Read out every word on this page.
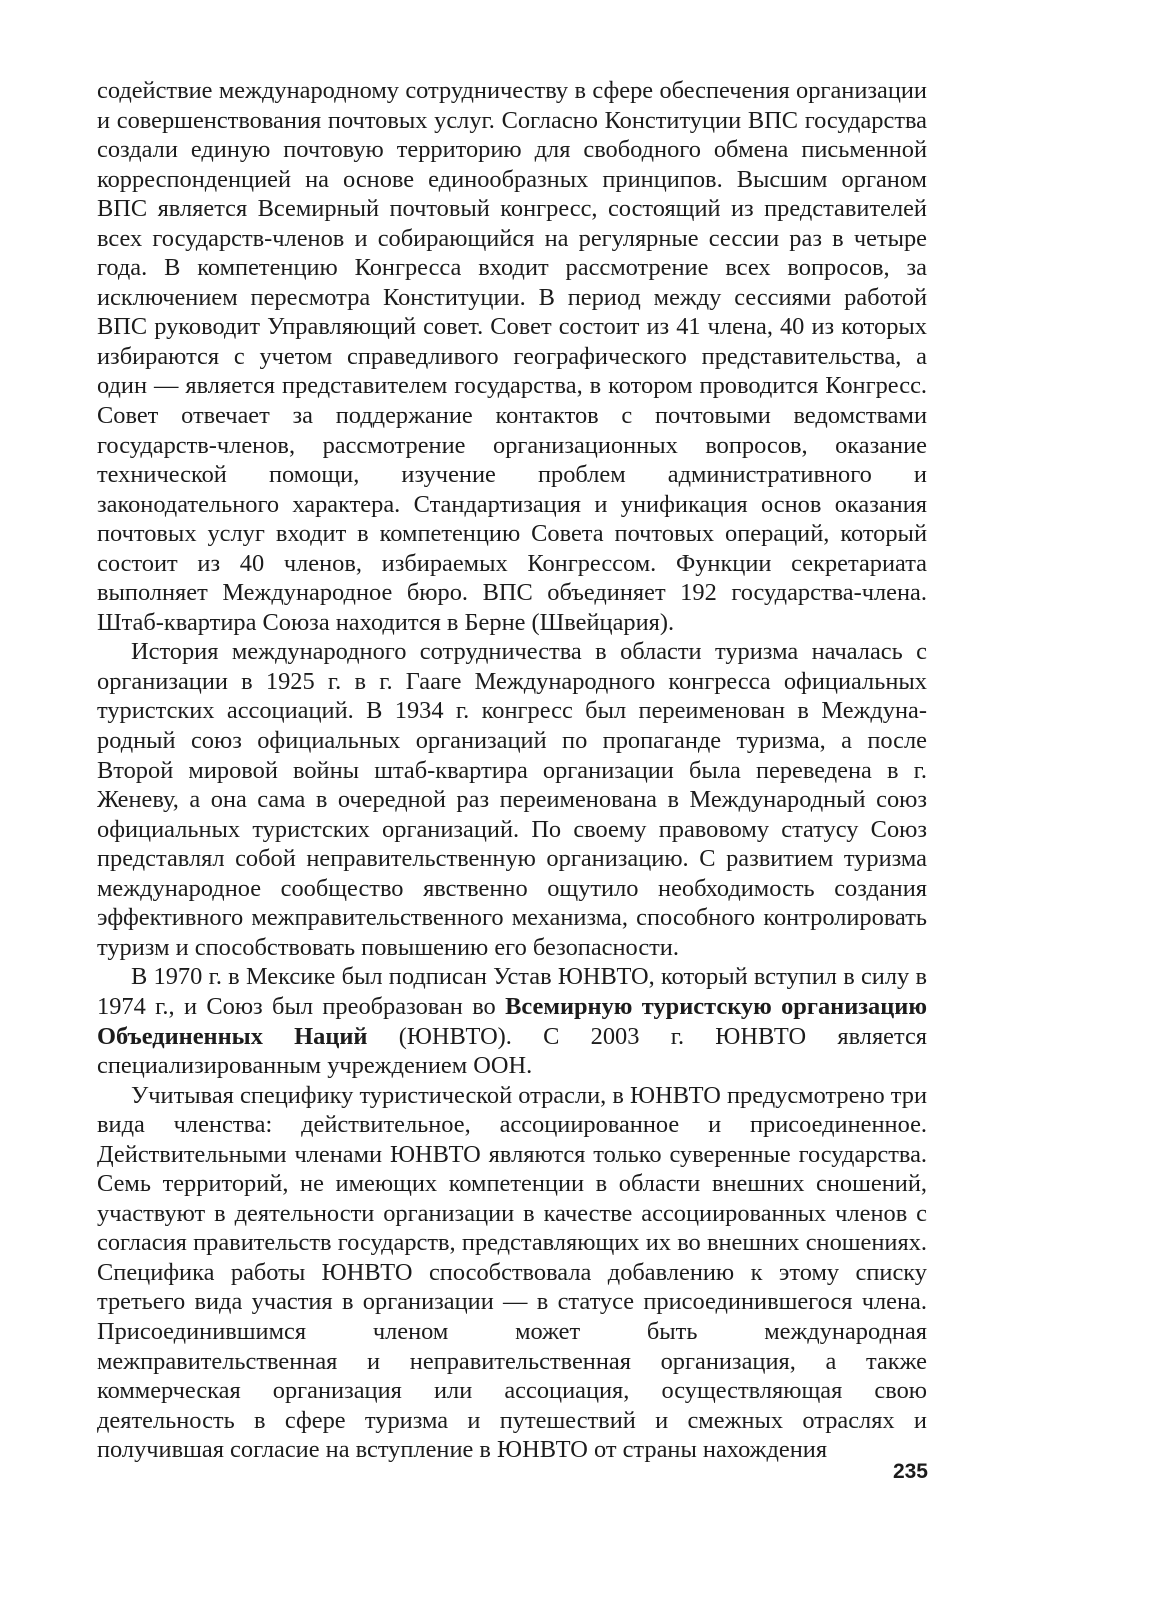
содействие международному сотрудничеству в сфере обеспечения организации и совершенствования почтовых услуг. Согласно Конституции ВПС государства создали единую почтовую территорию для свободного обмена письменной корреспонденцией на основе единообразных принципов. Высшим органом ВПС является Всемирный почтовый конгресс, состоящий из представителей всех государств-членов и собирающийся на регулярные сессии раз в четыре года. В компетенцию Конгресса входит рассмотрение всех вопросов, за исключением пересмотра Конституции. В период между сессиями работой ВПС руководит Управляющий совет. Совет состоит из 41 члена, 40 из которых избираются с учетом справедливого географического представительства, а один — является представителем государства, в котором проводится Конгресс. Совет отвечает за поддержание контактов с почтовыми ведомствами государств-членов, рассмотрение организационных вопросов, оказание технической помощи, изучение проблем административного и законодательного характера. Стандартизация и унификация основ оказания почтовых услуг входит в компетенцию Совета почтовых операций, который состоит из 40 членов, избираемых Конгрессом. Функции секретариата выполняет Международное бюро. ВПС объединяет 192 государства-члена. Штаб-квартира Союза находится в Берне (Швейцария).

История международного сотрудничества в области туризма началась с организации в 1925 г. в г. Гааге Международного конгресса официальных туристских ассоциаций. В 1934 г. конгресс был переименован в Международный союз официальных организаций по пропаганде туризма, а после Второй мировой войны штаб-квартира организации была переведена в г. Женеву, а она сама в очередной раз переименована в Международный союз официальных туристских организаций. По своему правовому статусу Союз представлял собой неправительственную организацию. С развитием туризма международное сообщество явственно ощутило необходимость создания эффективного межправительственного механизма, способного контролировать туризм и способствовать повышению его безопасности.

В 1970 г. в Мексике был подписан Устав ЮНВТО, который вступил в силу в 1974 г., и Союз был преобразован во Всемирную туристскую организацию Объединенных Наций (ЮНВТО). С 2003 г. ЮНВТО является специализированным учреждением ООН.

Учитывая специфику туристической отрасли, в ЮНВТО предусмотрено три вида членства: действительное, ассоциированное и присоединенное. Действительными членами ЮНВТО являются только суверенные государства. Семь территорий, не имеющих компетенции в области внешних сношений, участвуют в деятельности организации в качестве ассоциированных членов с согласия правительств государств, представляющих их во внешних сношениях. Специфика работы ЮНВТО способствовала добавлению к этому списку третьего вида участия в организации — в статусе присоединившегося члена. Присоединившимся членом может быть международная межправительственная и неправительственная организация, а также коммерческая организация или ассоциация, осуществляющая свою деятельность в сфере туризма и путешествий и смежных отраслях и получившая согласие на вступление в ЮНВТО от страны нахождения

235
